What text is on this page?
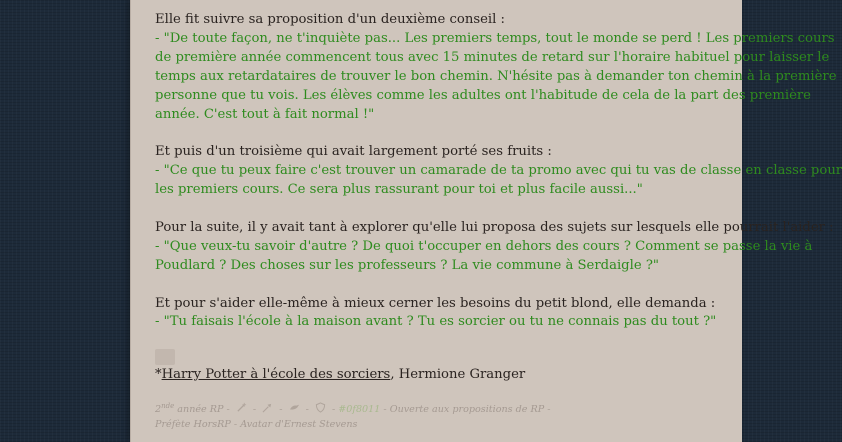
Elle fit suivre sa proposition d'un deuxième conseil :
- "De toute façon, ne t'inquiète pas... Les premiers temps, tout le monde se perd ! Les premiers cours
de première année commencent tous avec 15 minutes de retard sur l'horaire habituel pour laisser le
temps aux retardataires de trouver le bon chemin. N'hésite pas à demander ton chemin à la première
personne que tu vois. Les élèves comme les adultes ont l'habitude de cela de la part des première
année. C'est tout à fait normal !"
Et puis d'un troisième qui avait largement porté ses fruits :
- "Ce que tu peux faire c'est trouver un camarade de ta promo avec qui tu vas de classe en classe pour
les premiers cours. Ce sera plus rassurant pour toi et plus facile aussi..."
Pour la suite, il y avait tant à explorer qu'elle lui proposa des sujets sur lesquels elle pourrait l'aider :
- "Que veux-tu savoir d'autre ? De quoi t'occuper en dehors des cours ? Comment se passe la vie à
Poudlard ? Des choses sur les professeurs ? La vie commune à Serdaigle ?"
Et pour s'aider elle-même à mieux cerner les besoins du petit blond, elle demanda :
- "Tu faisais l'école à la maison avant ? Tu es sorcier ou tu ne connais pas du tout ?"
*Harry Potter à l'école des sorciers, Hermione Granger
2nde année RP -
-
-
-
- #0f8011 - Ouverte aux propositions de RP -
Préfète HorsRP - Avatar d'Ernest Stevens
